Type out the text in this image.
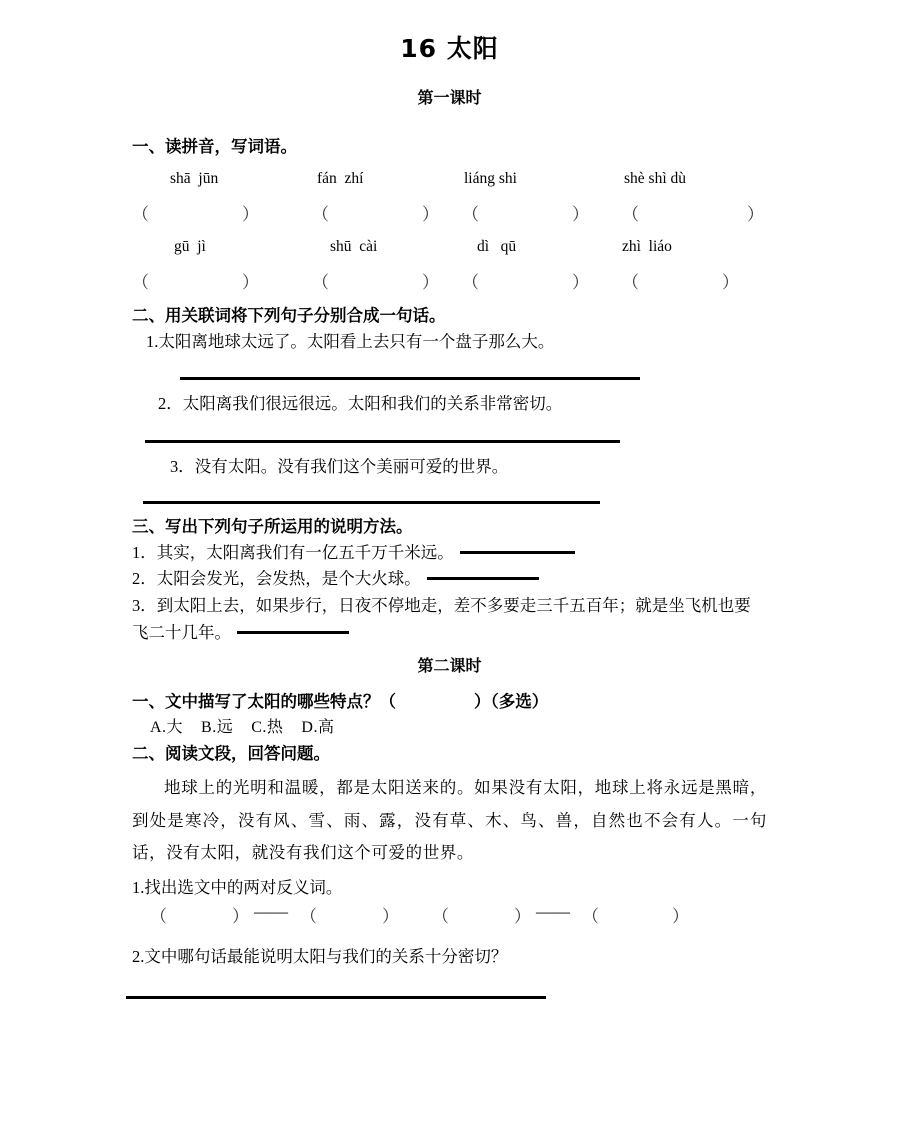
16 太阳
第一课时
一、读拼音，写词语。
shā  jūn	fán  zhí	liáng shi	shè shì dù
（	）	（	） （	） （	）
gū  jì	shū  cài	dì   qū	zhì  liáo
（	）	（	） （	） （	）
二、用关联词将下列句子分别合成一句话。
1.太阳离地球太远了。太阳看上去只有一个盘子那么大。
2．太阳离我们很远很远。太阳和我们的关系非常密切。
3．没有太阳。没有我们这个美丽可爱的世界。
三、写出下列句子所运用的说明方法。
1．其实，太阳离我们有一亿五千万千米远。
2．太阳会发光，会发热，是个大火球。
3．到太阳上去，如果步行，日夜不停地走，差不多要走三千五百年；就是坐飞机也要飞二十几年。
第二课时
一、文中描写了太阳的哪些特点？（	）（多选）
A.大    B.远    C.热    D.高
二、阅读文段，回答问题。
地球上的光明和温暖，都是太阳送来的。如果没有太阳，地球上将永远是黑暗，到处是寒冷，没有风、雪、雨、露，没有草、木、鸟、兽，自然也不会有人。一句话，没有太阳，就没有我们这个可爱的世界。
1.找出选文中的两对反义词。
（	） —— （	） （	） —— （	）
2.文中哪句话最能说明太阳与我们的关系十分密切？
